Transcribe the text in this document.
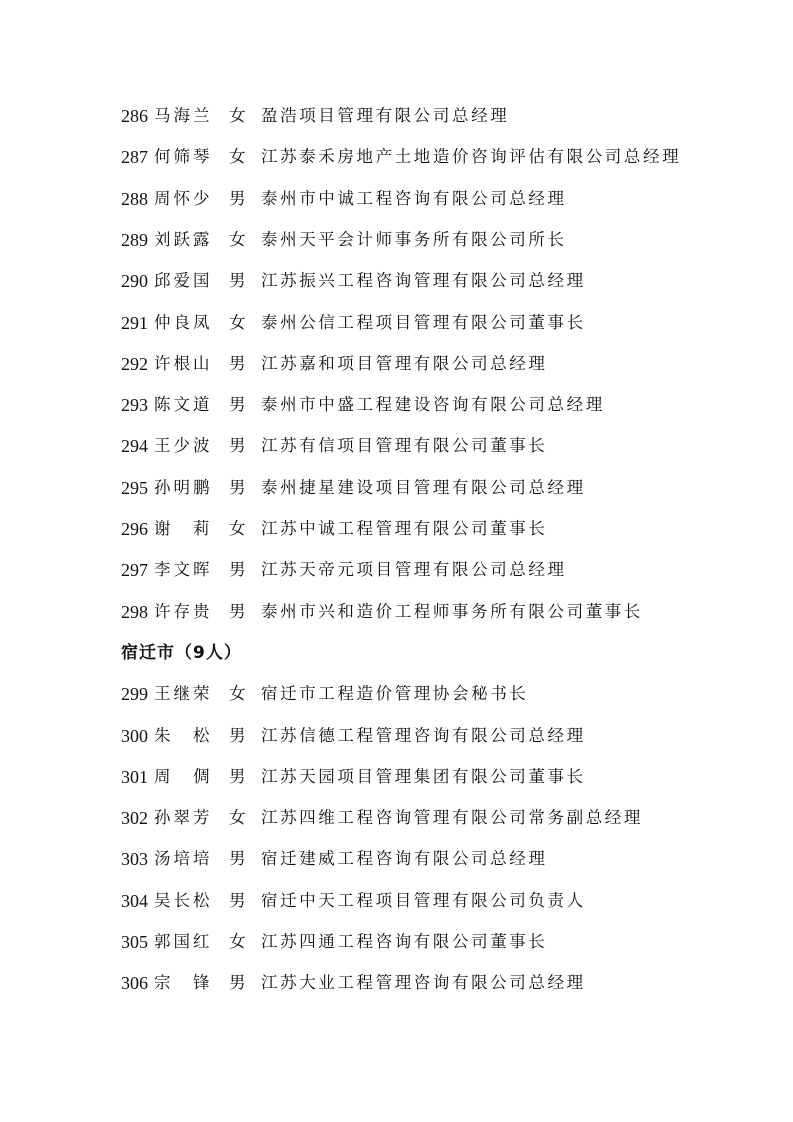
286 马海兰 女 盈浩项目管理有限公司总经理
287 何筛琴 女 江苏泰禾房地产土地造价咨询评估有限公司总经理
288 周怀少 男 泰州市中诚工程咨询有限公司总经理
289 刘跃露 女 泰州天平会计师事务所有限公司所长
290 邱爱国 男 江苏振兴工程咨询管理有限公司总经理
291 仲良凤 女 泰州公信工程项目管理有限公司董事长
292 许根山 男 江苏嘉和项目管理有限公司总经理
293 陈文道 男 泰州市中盛工程建设咨询有限公司总经理
294 王少波 男 江苏有信项目管理有限公司董事长
295 孙明鹏 男 泰州捷星建设项目管理有限公司总经理
296 谢　莉 女 江苏中诚工程管理有限公司董事长
297 李文晖 男 江苏天帝元项目管理有限公司总经理
298 许存贵 男 泰州市兴和造价工程师事务所有限公司董事长
宿迁市（9人）
299 王继荣 女 宿迁市工程造价管理协会秘书长
300 朱　松 男 江苏信德工程管理咨询有限公司总经理
301 周　倜 男 江苏天园项目管理集团有限公司董事长
302 孙翠芳 女 江苏四维工程咨询管理有限公司常务副总经理
303 汤培培 男 宿迁建威工程咨询有限公司总经理
304 吴长松 男 宿迁中天工程项目管理有限公司负责人
305 郭国红 女 江苏四通工程咨询有限公司董事长
306 宗　锋 男 江苏大业工程管理咨询有限公司总经理
